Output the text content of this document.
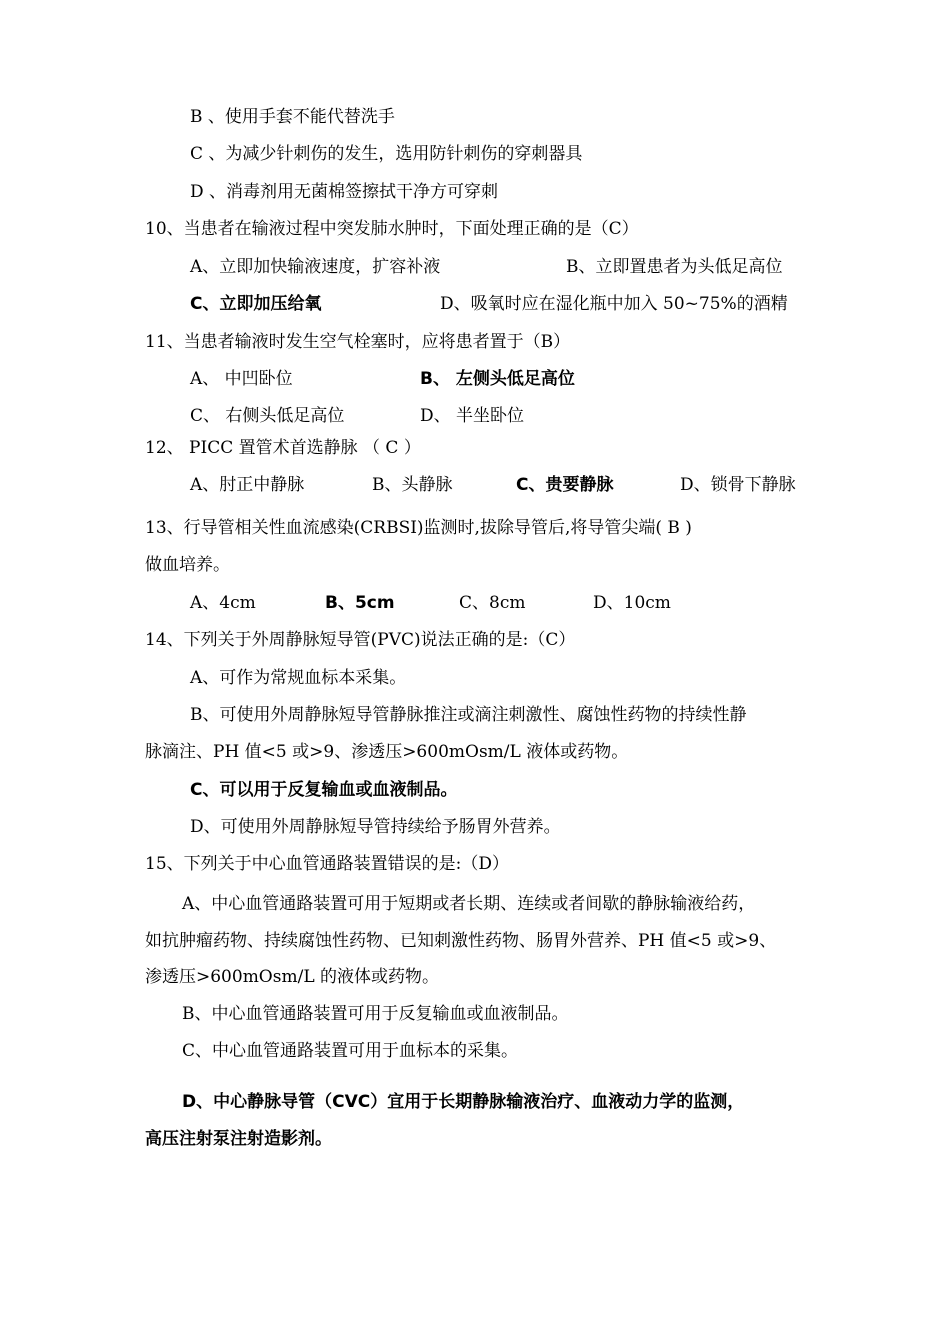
B 、使用手套不能代替洗手
C 、为减少针刺伤的发生，选用防针刺伤的穿刺器具
D 、消毒剂用无菌棉签擦拭干净方可穿刺
10、当患者在输液过程中突发肺水肿时，下面处理正确的是（C）
A、立即加快输液速度，扩容补液	B、立即置患者为头低足高位
C、立即加压给氧	D、吸氧时应在湿化瓶中加入 50~75%的酒精
11、当患者输液时发生空气栓塞时，应将患者置于（B）
A、 中凹卧位	B、 左侧头低足高位
C、 右侧头低足高位	D、 半坐卧位
12、 PICC 置管术首选静脉 （ C ）
A、肘正中静脉	B、头静脉	C、贵要静脉	D、锁骨下静脉
13、行导管相关性血流感染(CRBSI)监测时,拔除导管后,将导管尖端( B )
做血培养。
A、4cm	B、5cm	C、8cm	D、10cm
14、下列关于外周静脉短导管(PVC)说法正确的是:（C）
A、可作为常规血标本采集。
B、可使用外周静脉短导管静脉推注或滴注刺激性、腐蚀性药物的持续性静
脉滴注、PH 值<5 或>9、渗透压>600mOsm/L 液体或药物。
C、可以用于反复输血或血液制品。
D、可使用外周静脉短导管持续给予肠胃外营养。
15、下列关于中心血管通路装置错误的是:（D）
A、中心血管通路装置可用于短期或者长期、连续或者间歇的静脉输液给药，
如抗肿瘤药物、持续腐蚀性药物、已知刺激性药物、肠胃外营养、PH 值<5 或>9、
渗透压>600mOsm/L 的液体或药物。
B、中心血管通路装置可用于反复输血或血液制品。
C、中心血管通路装置可用于血标本的采集。
D、中心静脉导管（CVC）宜用于长期静脉输液治疗、血液动力学的监测，
高压注射泵注射造影剂。
